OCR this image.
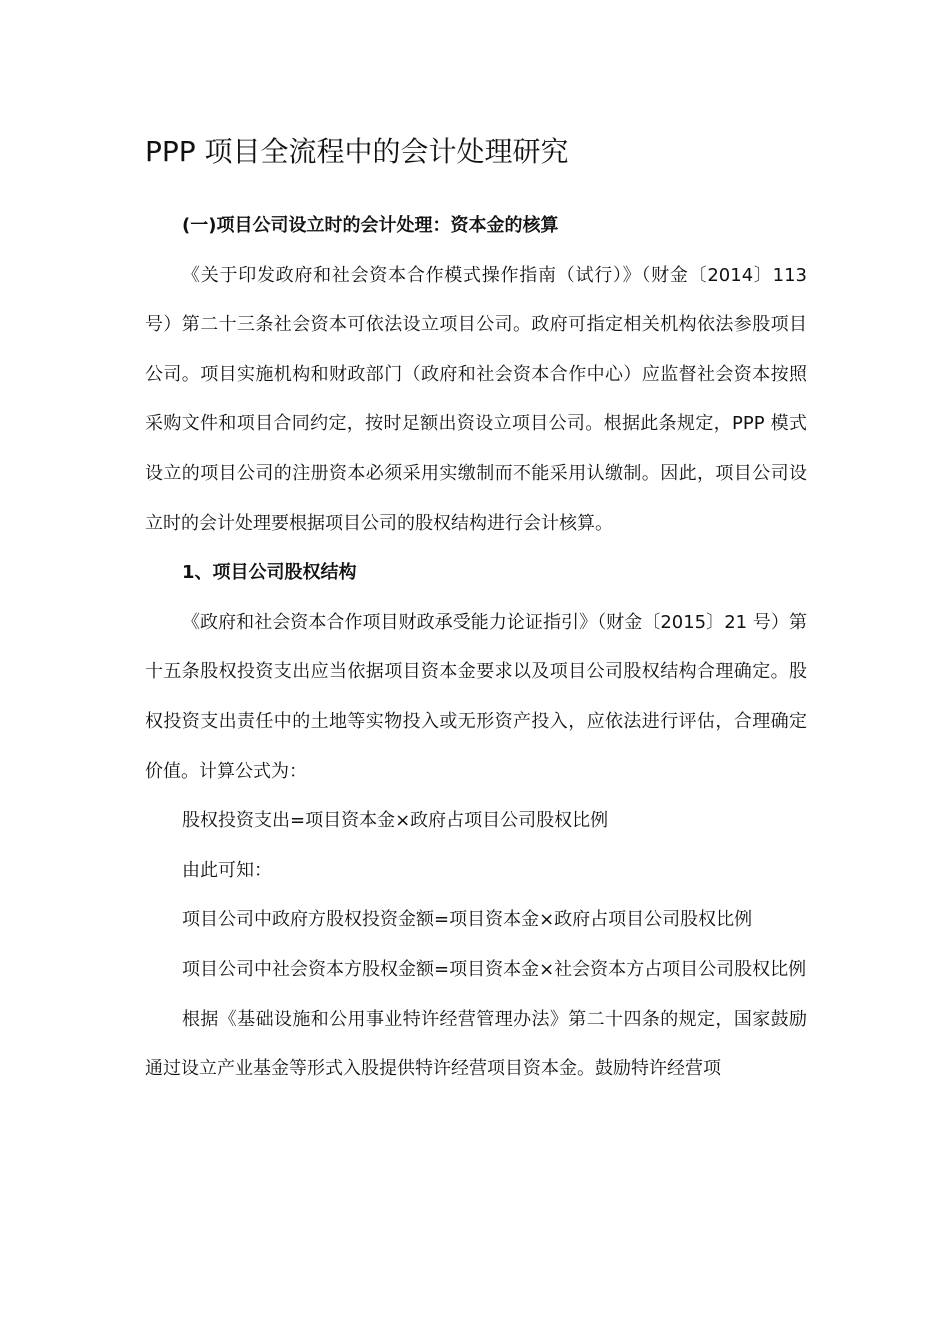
PPP 项目全流程中的会计处理研究

(一)项目公司设立时的会计处理：资本金的核算

《关于印发政府和社会资本合作模式操作指南（试行）》（财金〔2014〕113 号）第二十三条社会资本可依法设立项目公司。政府可指定相关机构依法参股项目公司。项目实施机构和财政部门（政府和社会资本合作中心）应监督社会资本按照采购文件和项目合同约定，按时足额出资设立项目公司。根据此条规定，PPP 模式设立的项目公司的注册资本必须采用实缴制而不能采用认缴制。因此，项目公司设立时的会计处理要根据项目公司的股权结构进行会计核算。

1、项目公司股权结构

《政府和社会资本合作项目财政承受能力论证指引》（财金〔2015〕21 号）第十五条股权投资支出应当依据项目资本金要求以及项目公司股权结构合理确定。股权投资支出责任中的土地等实物投入或无形资产投入，应依法进行评估，合理确定价值。计算公式为：

股权投资支出=项目资本金×政府占项目公司股权比例

由此可知：

项目公司中政府方股权投资金额=项目资本金×政府占项目公司股权比例

项目公司中社会资本方股权金额=项目资本金×社会资本方占项目公司股权比例

根据《基础设施和公用事业特许经营管理办法》第二十四条的规定，国家鼓励通过设立产业基金等形式入股提供特许经营项目资本金。鼓励特许经营项
